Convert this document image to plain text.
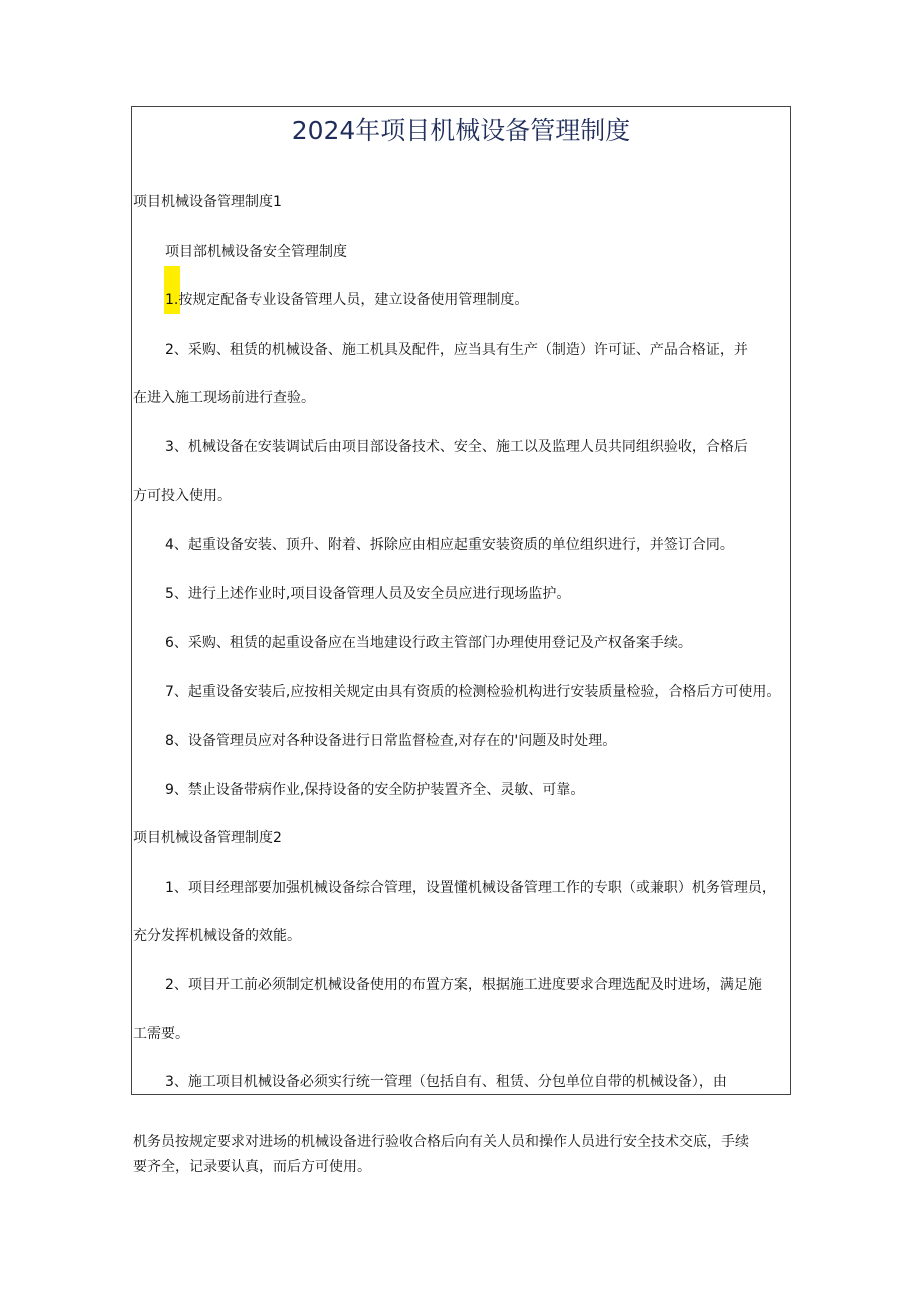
2024年项目机械设备管理制度
项目机械设备管理制度1
项目部机械设备安全管理制度
1.按规定配备专业设备管理人员，建立设备使用管理制度。
2、采购、租赁的机械设备、施工机具及配件，应当具有生产（制造）许可证、产品合格证，并
在进入施工现场前进行查验。
3、机械设备在安装调试后由项目部设备技术、安全、施工以及监理人员共同组织验收，合格后
方可投入使用。
4、起重设备安装、顶升、附着、拆除应由相应起重安装资质的单位组织进行，并签订合同。
5、进行上述作业时,项目设备管理人员及安全员应进行现场监护。
6、采购、租赁的起重设备应在当地建设行政主管部门办理使用登记及产权备案手续。
7、起重设备安装后,应按相关规定由具有资质的检测检验机构进行安装质量检验，合格后方可使用。
8、设备管理员应对各种设备进行日常监督检查,对存在的'问题及时处理。
9、禁止设备带病作业,保持设备的安全防护装置齐全、灵敏、可靠。
项目机械设备管理制度2
1、项目经理部要加强机械设备综合管理，设置懂机械设备管理工作的专职（或兼职）机务管理员，
充分发挥机械设备的效能。
2、项目开工前必须制定机械设备使用的布置方案，根据施工进度要求合理选配及时进场，满足施
工需要。
3、施工项目机械设备必须实行统一管理（包括自有、租赁、分包单位自带的机械设备），由
机务员按规定要求对进场的机械设备进行验收合格后向有关人员和操作人员进行安全技术交底，手续
要齐全，记录要认真，而后方可使用。
